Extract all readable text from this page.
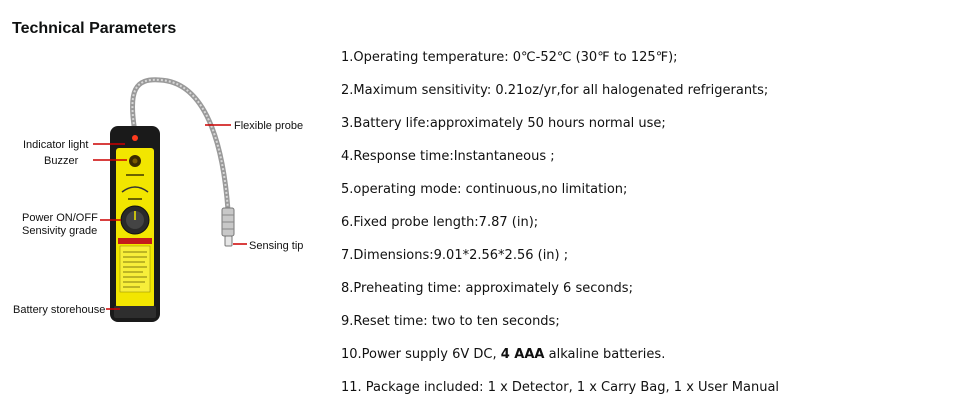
Technical Parameters
Indicator light
Buzzer
Power ON/OFF
Sensivity grade
Battery storehouse
Flexible probe
Sensing tip
1.Operating temperature: 0℃-52℃ (30℉ to 125℉);
2.Maximum sensitivity: 0.21oz/yr,for all halogenated refrigerants;
3.Battery life:approximately 50 hours normal use;
4.Response time:Instantaneous ;
5.operating mode: continuous,no limitation;
6.Fixed probe length:7.87 (in);
7.Dimensions:9.01*2.56*2.56 (in) ;
8.Preheating time: approximately 6 seconds;
9.Reset time: two to ten seconds;
10.Power supply 6V DC, 4 AAA alkaline batteries.
11. Package included: 1 x Detector, 1 x Carry Bag, 1 x User Manual
